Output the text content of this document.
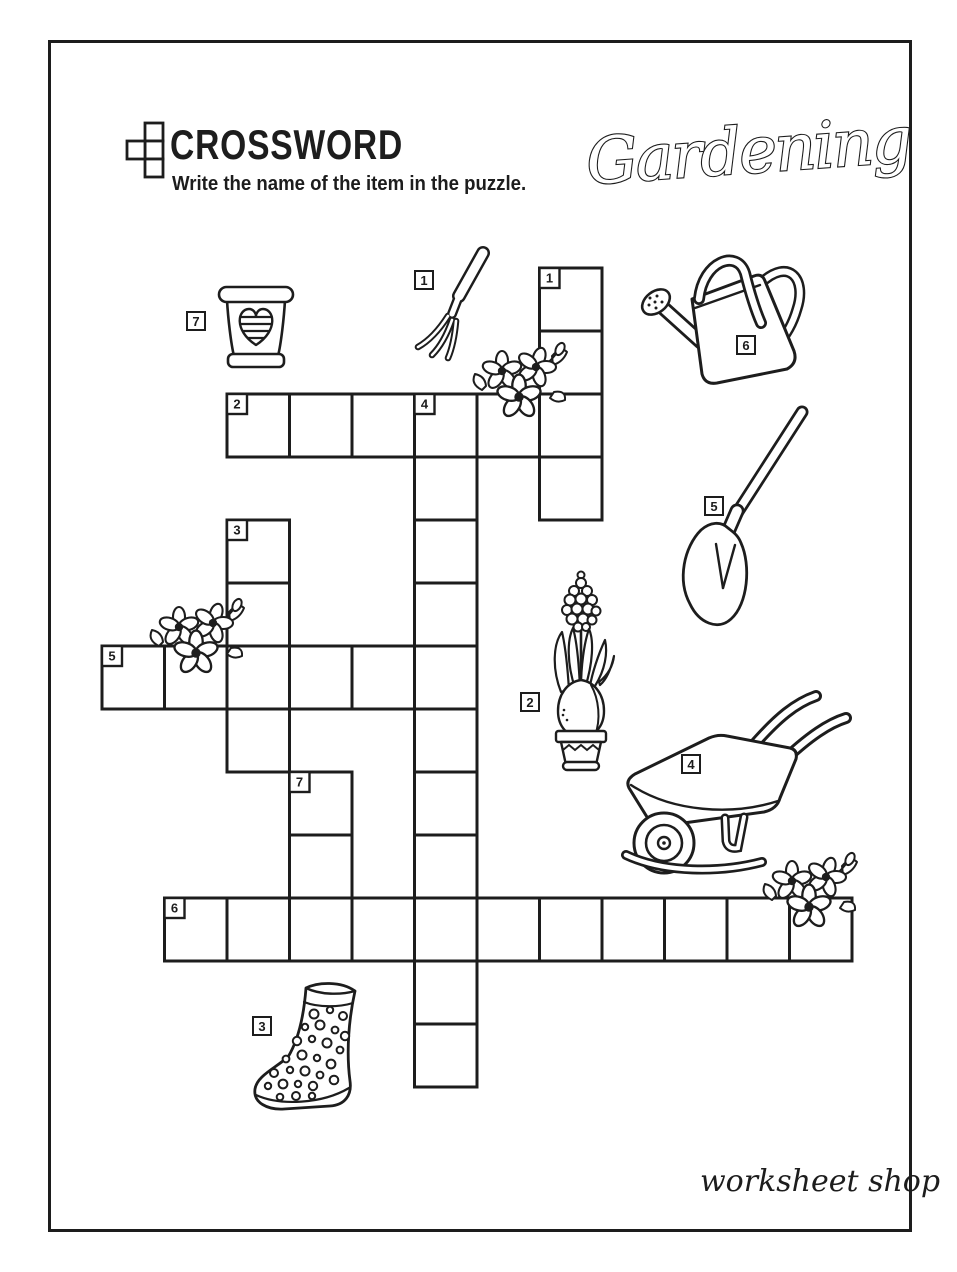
CROSSWORD

Write the name of the item in the puzzle. Gardening
1
2
3
4
5
6
7

worksheet shop

1
2
3
4
5
6
7
